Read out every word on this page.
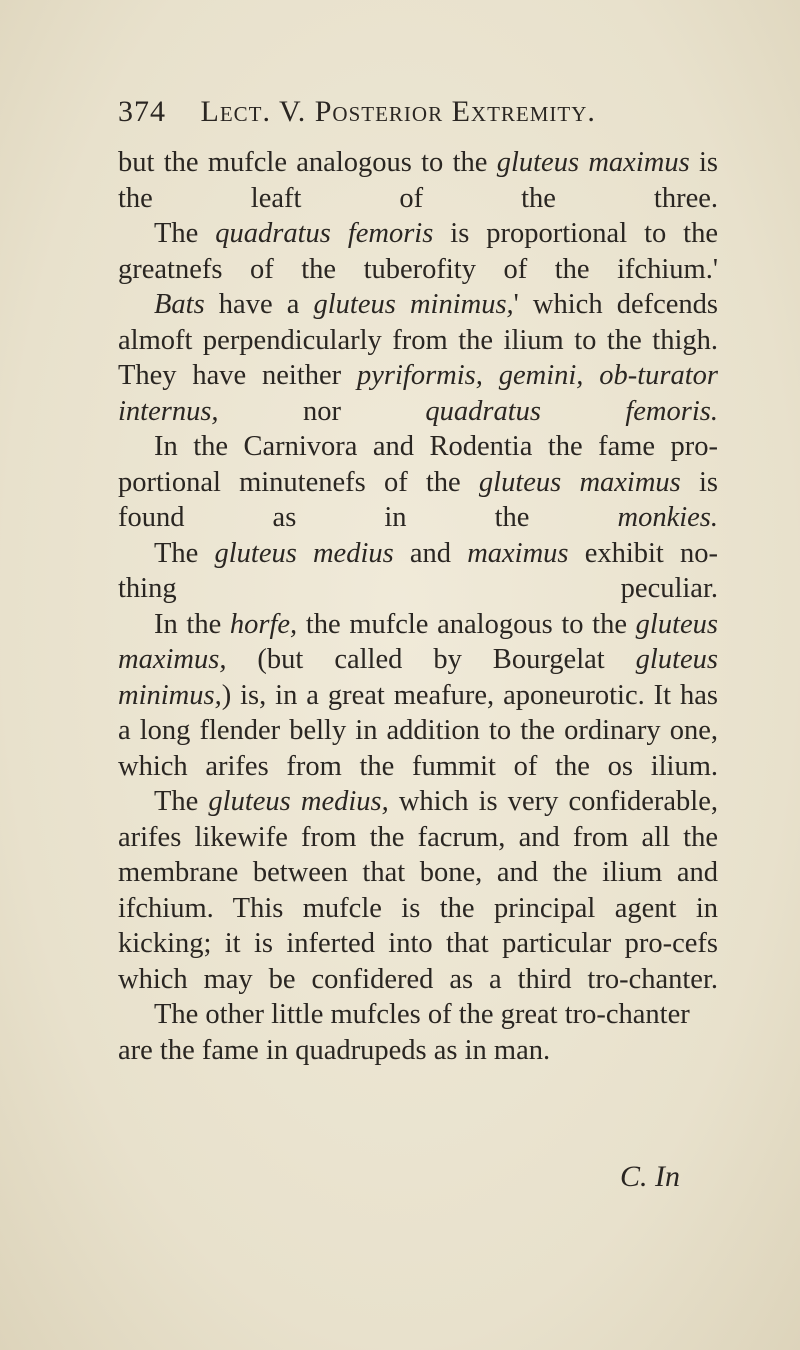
374 Lect. V. Posterior Extremity.

but the mufcle analogous to the gluteus maximus is the leaft of the three.

The quadratus femoris is proportional to the greatnefs of the tuberofity of the ifchium.'

Bats have a gluteus minimus,' which defcends almoft perpendicularly from the ilium to the thigh. They have neither pyriformis, gemini, ob-turator internus, nor quadratus femoris.

In the Carnivora and Rodentia the fame pro-portional minutenefs of the gluteus maximus is found as in the monkies.

The gluteus medius and maximus exhibit no-thing peculiar.

In the horfe, the mufcle analogous to the gluteus maximus, (but called by Bourgelat gluteus minimus,) is, in a great meafure, aponeurotic. It has a long flender belly in addition to the ordinary one, which arifes from the fummit of the os ilium.

The gluteus medius, which is very confiderable, arifes likewife from the facrum, and from all the membrane between that bone, and the ilium and ifchium. This mufcle is the principal agent in kicking; it is inferted into that particular pro-cefs which may be confidered as a third tro-chanter.

The other little mufcles of the great tro-chanter are the fame in quadrupeds as in man.

C. In
